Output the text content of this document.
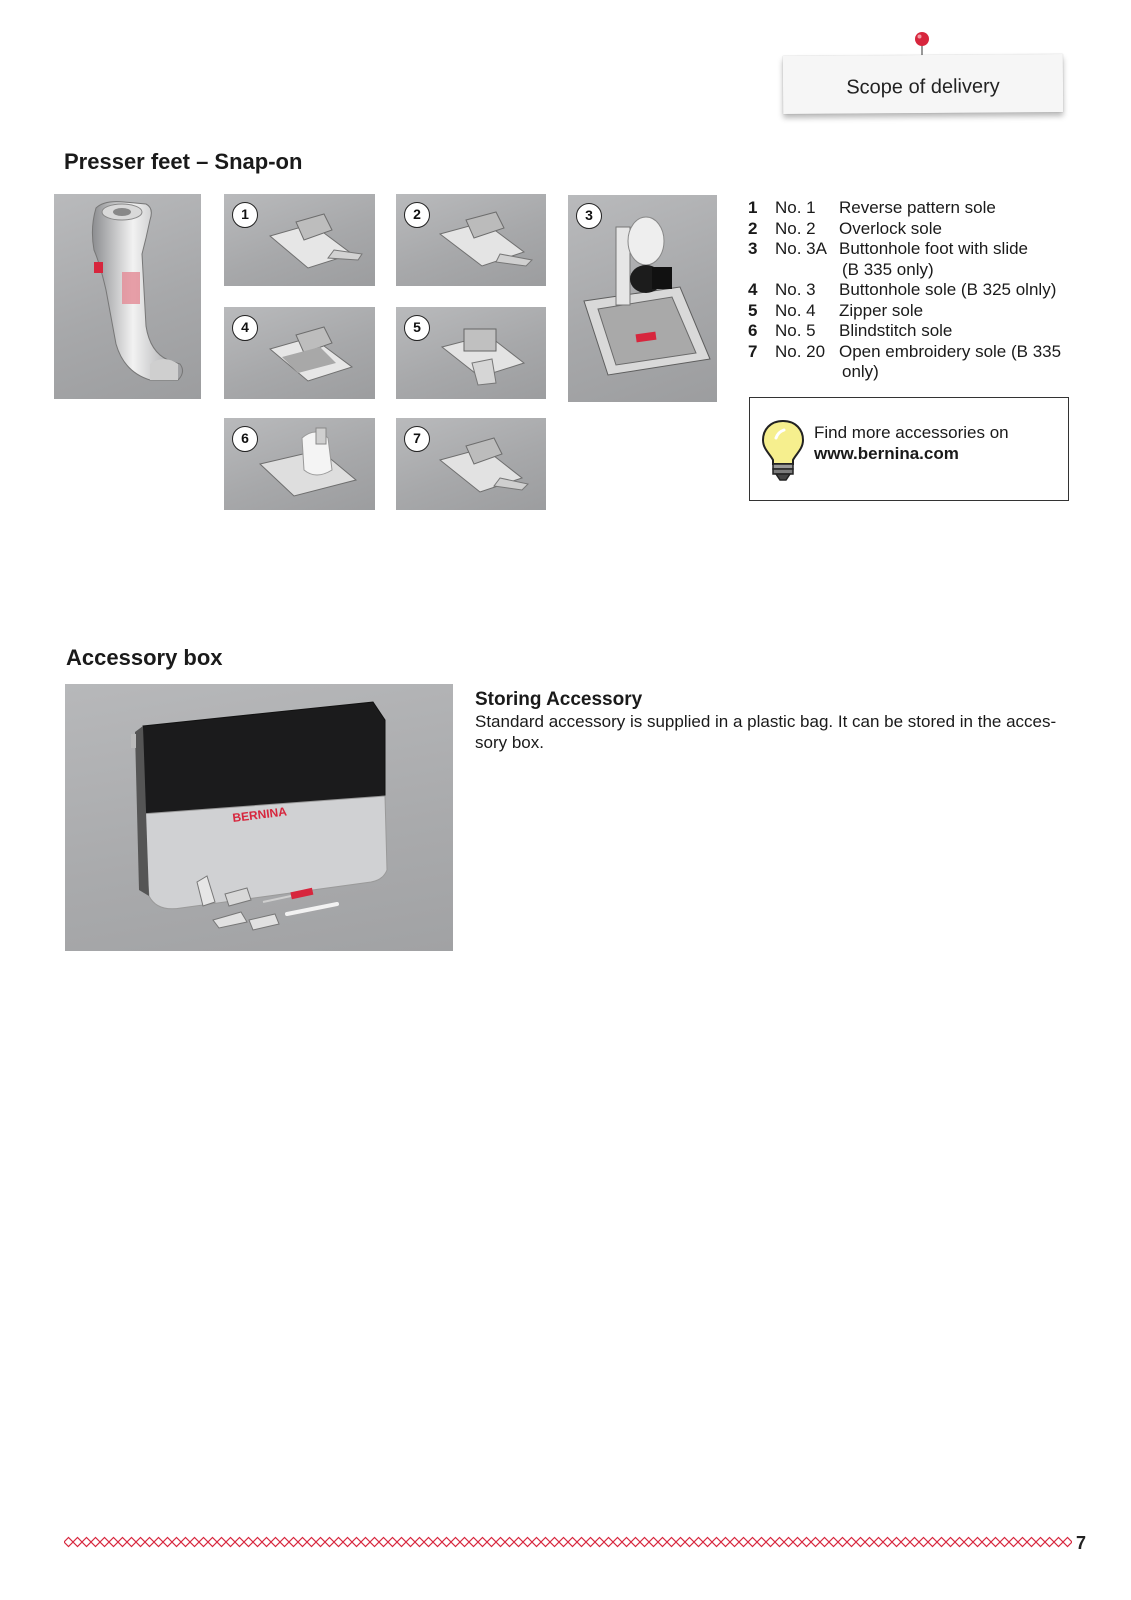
Scope of delivery
Presser feet – Snap-on
1	2	3
4	5
6	7
1	No. 1	Reverse pattern sole
2	No. 2	Overlock sole
3	No. 3A Buttonhole foot with slide
(B 335 only)
4	No. 3	Buttonhole sole (B 325 olnly)
5	No. 4	Zipper sole
6	No. 5	Blindstitch sole
7	No. 20 Open embroidery sole (B 335
only)
Find more accessories on
www.bernina.com
Accessory box
BERNINA
Storing Accessory
Standard accessory is supplied in a plastic bag. It can be stored in the acces-sory box.
7
